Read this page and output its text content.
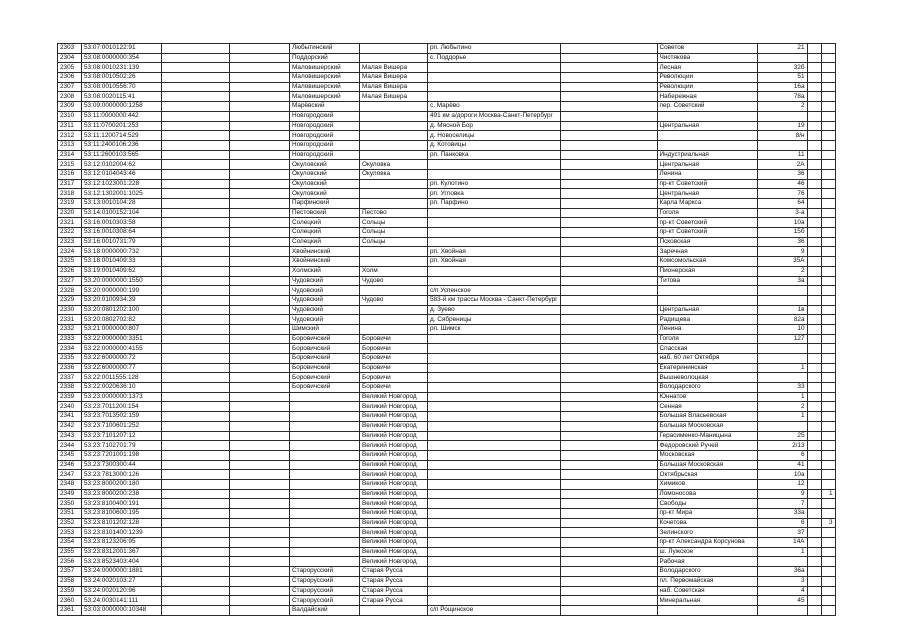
2303	53:07:0010122:91			Любытинский		рп. Любытино		Советов	21		
2304	53:08:0000000:354			Поддорский		с. Поддорье		Чистякова			
2305	53:08:0010231:139			Маловишерский	Малая Вишера			Лесная	32б		
2306	53:08:0010502:26			Маловишерский	Малая Вишера			Революции	51		
2307	53:08:0010556:70			Маловишерский	Малая Вишера			Революции	16а		
2308	53:08:0020115:41			Маловишерский	Малая Вишера			Набережная	78а		
2309	53:09:0000000:1258			Марёвский		с. Марёво		пер. Советский	2		
2310	53:11:0000000:442			Новгородский		491 км а/дороги Москва-Санкт-Петербург					
2311	53:11:0700201:253			Новгородский		д. Мясной Бор		Центральная	19		
2312	53:11:1200714:529			Новгородский		д. Новоселицы			8/н		
2313	53:11:2400106:236			Новгородский		д. Котовицы					
2314	53:11:2600103:565			Новгородский		рп. Панковка		Индустриальная	11		
2315	53:12:0102004:62			Окуловский	Окуловка			Центральная	2А		
2316	53:12:0104043:46			Окуловский	Окуловка			Ленина	36		
2317	53:12:1023001:228			Окуловский		рп. Кулотино		пр-кт Советский	46		
2318	53:12:1302001:1025			Окуловский		рп. Угловка		Центральная	76		
2319	53:13:0010104:28			Парфинский		рп. Парфино		Карла Маркса	64		
2320	53:14:0100152:104			Пестовский	Пестово			Гоголя	3-а		
2321	53:16:0010303:58			Солецкий	Сольцы			пр-кт Советский	10а		
2322	53:16:0010308:64			Солецкий	Сольцы			пр-кт Советский	15б		
2323	53:16:0010731:79			Солецкий	Сольцы			Псковская	36		
2324	53:18:0000000:732			Хвойнинский		рп. Хвойная		Заречная	9		
2325	53:18:0010409:33			Хвойнинский		рп. Хвойная		Комсомольская	35А		
2326	53:19:0010409:62			Холмский	Холм			Пионерская	2		
2327	53:20:0000000:1550			Чудовский	Чудово			Титова	3а		
2328	53:20:0000000:199			Чудовский		с/п Успенское					
2329	53:20:0100934:39			Чудовский	Чудово	583-й км трассы Москва - Санкт-Петербург					
2330	53:20:0801202:100			Чудовский		д. Зуево		Центральная	1в		
2331	53:20:0802702:82			Чудовский		д. Сябреницы		Радищева	82а		
2332	53:21:0000000:807			Шимский		рп. Шимск		Ленина	10		
2333	53:22:0000000:3351			Боровичский	Боровичи			Гоголя	127		
2334	53:22:0000000:4155			Боровичский	Боровичи			Спасская			
2335	53:22:6000000:72			Боровичский	Боровичи			наб. 60 лет Октября			
2336	53:22:6000000:77			Боровичский	Боровичи			Екатерининская	1		
2337	53:22:0011555:128			Боровичский	Боровичи			Вышневолоцкая			
2338	53:22:0020636:10			Боровичский	Боровичи			Володарского	33		
2339	53:23:0000000:1373				Великий Новгород			Юннатов	1		
2340	53:23:7011200:154				Великий Новгород			Сенная	2		
2341	53:23:7013502:159				Великий Новгород			Большая Власьевская	1		
2342	53:23:7100601:252				Великий Новгород			Большая Московская			
2343	53:23:7101207:12				Великий Новгород			Герасименко-Маницына	25		
2344	53:23:7102701:79				Великий Новгород			Федоровский Ручей	2/13		
2345	53:23:7201001:198				Великий Новгород			Московская	6		
2346	53:23:7300300:44				Великий Новгород			Большая Московская	41		
2347	53:23:7813000:126				Великий Новгород			Октябрьская	10а		
2348	53:23:8000200:180				Великий Новгород			Химиков	12		
2349	53:23:8000200:238				Великий Новгород			Ломоносова	9		1
2350	53:23:8100400:191				Великий Новгород			Свободы	7		
2351	53:23:8100600:195				Великий Новгород			пр-кт Мира	33а		
2352	53:23:8101202:128				Великий Новгород			Кочетова	6		3
2353	53:23:8101400:1239				Великий Новгород			Зелинского	37		
2354	53:23:8123206:95				Великий Новгород			пр-кт Александра Корсунова	14А		
2355	53:23:8312001:367				Великий Новгород			ш. Лужское	1		
2356	53:23:8523403:404				Великий Новгород			Рабочая			
2357	53:24:0000000:1881			Старорусский	Старая Русса			Володарского	36а		
2358	53:24:0020103:27			Старорусский	Старая Русса			пл. Первомайская	3		
2359	53:24:0020120:96			Старорусский	Старая Русса			наб. Советская	4		
2360	53:24:0030141:111			Старорусский	Старая Русса			Минеральная	45		
2361	53:03:0000000:10348			Валдайский		с/п Рощинское					
